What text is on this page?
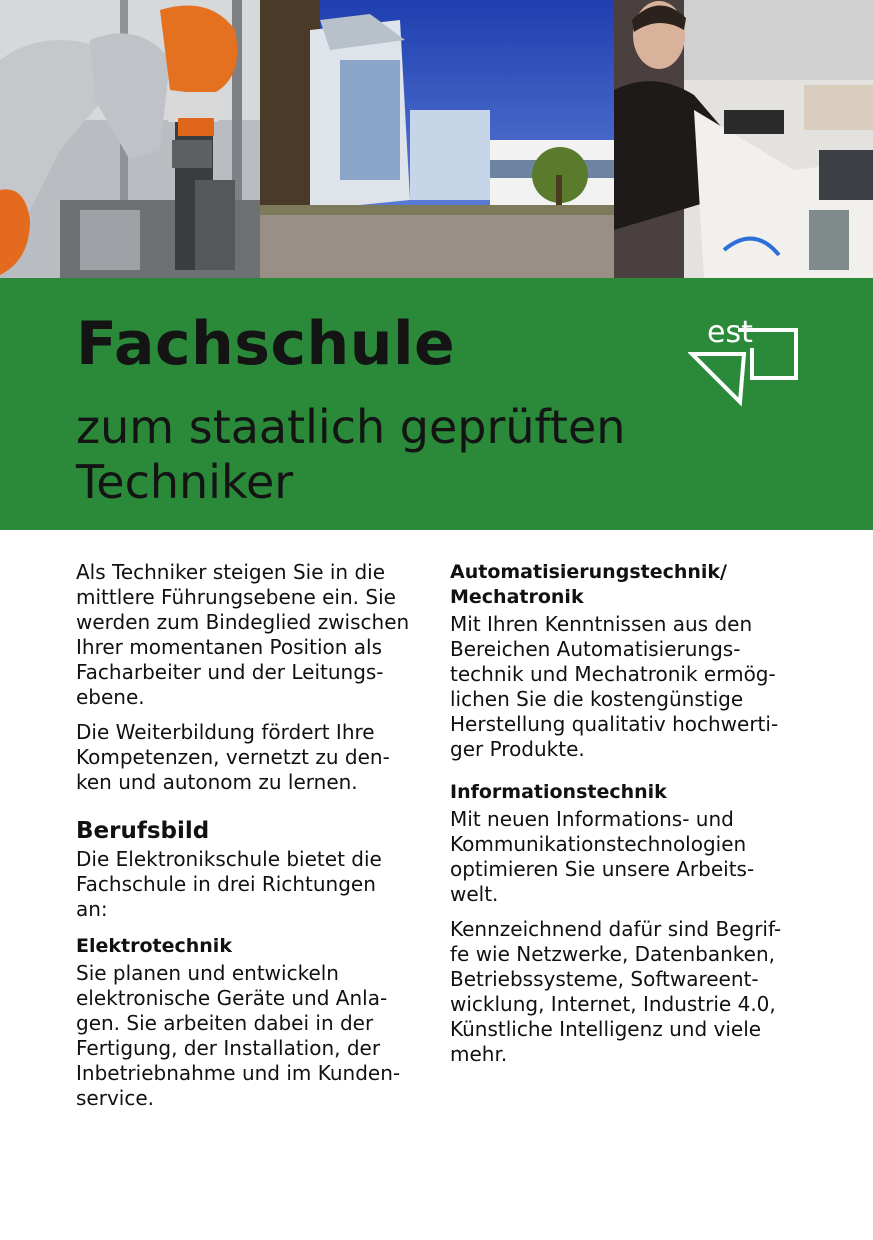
Fachschule
zum staatlich geprüften
Techniker
est

Als Techniker steigen Sie in die
mittlere Führungsebene ein. Sie
werden zum Bindeglied zwischen
Ihrer momentanen Position als
Facharbeiter und der Leitungs-
ebene.

Die Weiterbildung fördert Ihre
Kompetenzen, vernetzt zu den-
ken und autonom zu lernen.

Berufsbild

Die Elektronikschule bietet die
Fachschule in drei Richtungen
an:

Elektrotechnik

Sie planen und entwickeln
elektronische Geräte und Anla-
gen. Sie arbeiten dabei in der
Fertigung, der Installation, der
Inbetriebnahme und im Kunden-
service.

Automatisierungstechnik/
Mechatronik

Mit Ihren Kenntnissen aus den
Bereichen Automatisierungs-
technik und Mechatronik ermög-
lichen Sie die kostengünstige
Herstellung qualitativ hochwerti-
ger Produkte.

Informationstechnik

Mit neuen Informations- und
Kommunikationstechnologien
optimieren Sie unsere Arbeits-
welt.

Kennzeichnend dafür sind Begrif-
fe wie Netzwerke, Datenbanken,
Betriebssysteme, Softwareent-
wicklung, Internet, Industrie 4.0,
Künstliche Intelligenz und viele
mehr.
